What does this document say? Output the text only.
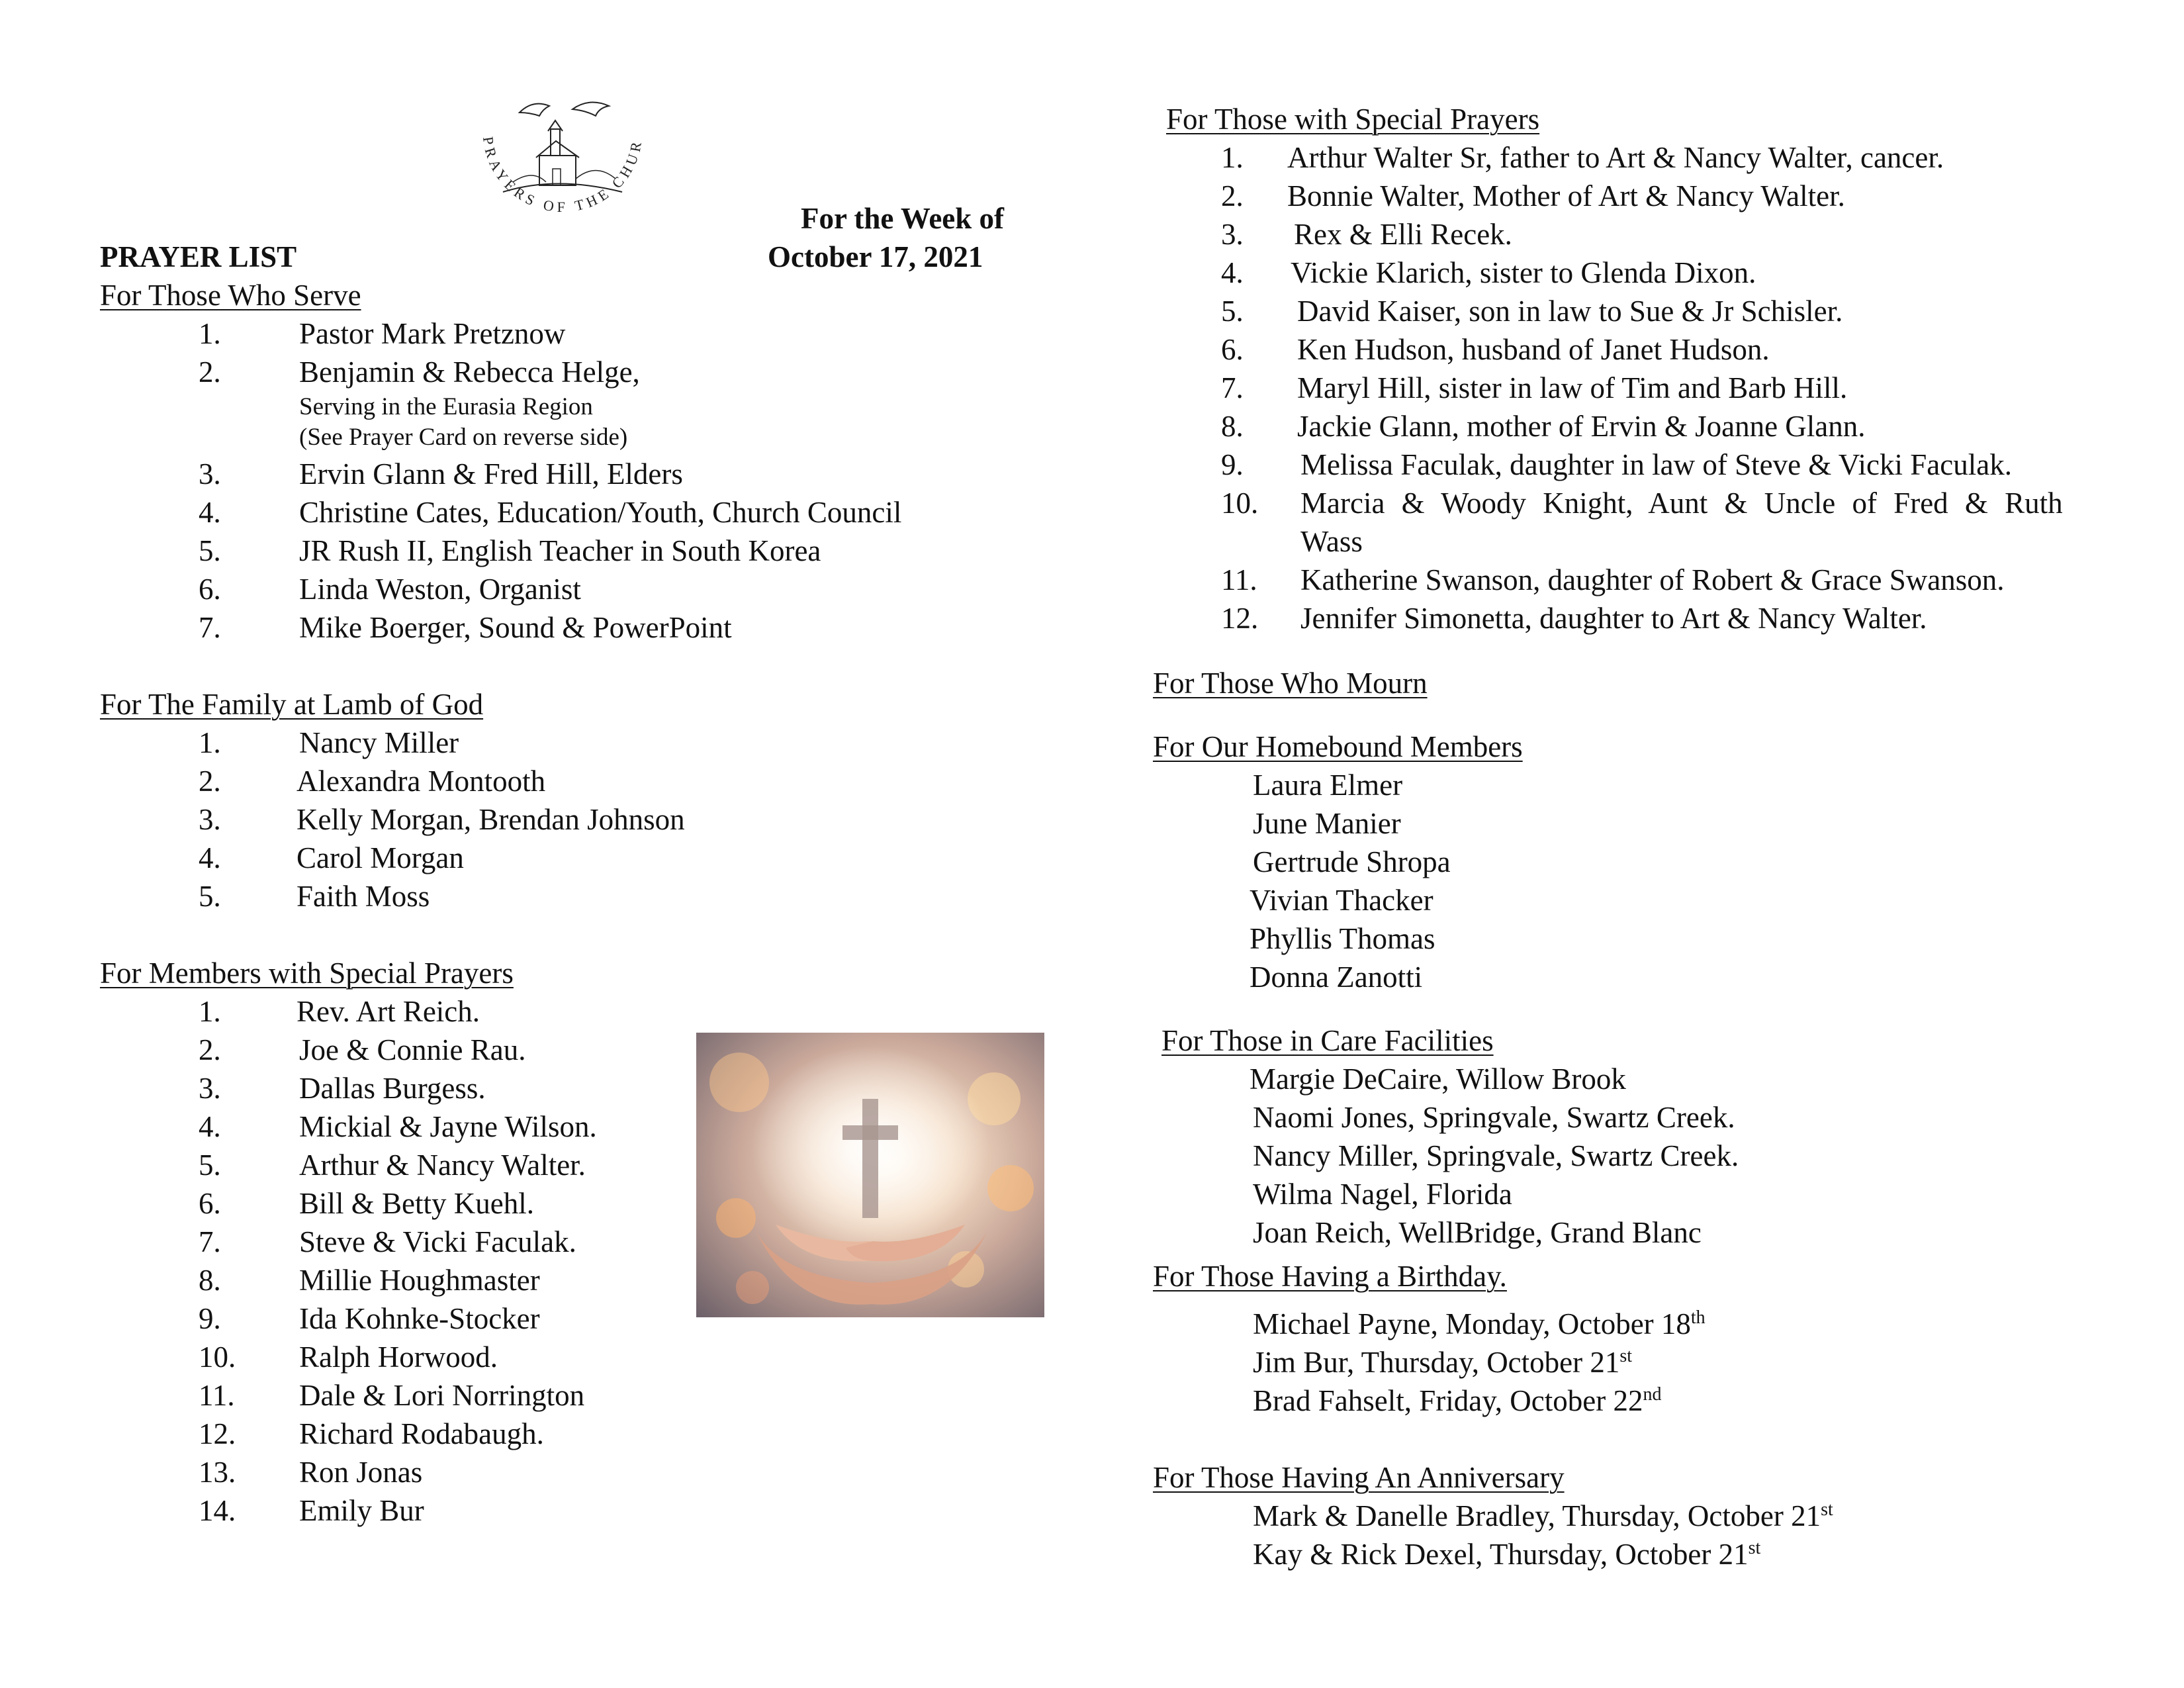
PRAYERS OF THE CHUR
For the Week of
PRAYER LIST	October 17, 2021
For Those Who Serve
1.	Pastor Mark Pretznow
2.	Benjamin & Rebecca Helge,
Serving in the Eurasia Region
(See Prayer Card on reverse side)
3.	Ervin Glann & Fred Hill, Elders
4.	Christine Cates, Education/Youth, Church Council
5.	JR Rush II, English Teacher in South Korea
6.	Linda Weston, Organist
7.	Mike Boerger, Sound & PowerPoint
For The Family at Lamb of God
1.	Nancy Miller
2.	Alexandra Montooth
3.	Kelly Morgan, Brendan Johnson
4.	Carol Morgan
5.	Faith Moss
For Members with Special Prayers
1.	Rev. Art Reich.
2.	Joe & Connie Rau.
3.	Dallas Burgess.
4.	Mickial & Jayne Wilson.
5.	Arthur & Nancy Walter.
6.	Bill & Betty Kuehl.
7.	Steve & Vicki Faculak.
8.	Millie Houghmaster
9.	Ida Kohnke-Stocker
10. Ralph Horwood.
11. Dale & Lori Norrington
12. Richard Rodabaugh.
13. Ron Jonas
14. Emily Bur
For Those with Special Prayers
1. Arthur Walter Sr, father to Art & Nancy Walter, cancer.
2. Bonnie Walter, Mother of Art & Nancy Walter.
3. Rex & Elli Recek.
4. Vickie Klarich, sister to Glenda Dixon.
5. David Kaiser, son in law to Sue & Jr Schisler.
6. Ken Hudson, husband of Janet Hudson.
7. Maryl Hill, sister in law of Tim and Barb Hill.
8. Jackie Glann, mother of Ervin & Joanne Glann.
9. Melissa Faculak, daughter in law of Steve & Vicki Faculak.
10. Marcia & Woody Knight, Aunt & Uncle of Fred & Ruth
Wass
11. Katherine Swanson, daughter of Robert & Grace Swanson.
12. Jennifer Simonetta, daughter to Art & Nancy Walter.
For Those Who Mourn
For Our Homebound Members
Laura Elmer
June Manier
Gertrude Shropa
Vivian Thacker
Phyllis Thomas
Donna Zanotti
For Those in Care Facilities
Margie DeCaire, Willow Brook
Naomi Jones, Springvale, Swartz Creek.
Nancy Miller, Springvale, Swartz Creek.
Wilma Nagel, Florida
Joan Reich, WellBridge, Grand Blanc
For Those Having a Birthday.
Michael Payne, Monday, October 18th
Jim Bur, Thursday, October 21st
Brad Fahselt, Friday, October 22nd
For Those Having An Anniversary
Mark & Danelle Bradley, Thursday, October 21st
Kay & Rick Dexel, Thursday, October 21st
